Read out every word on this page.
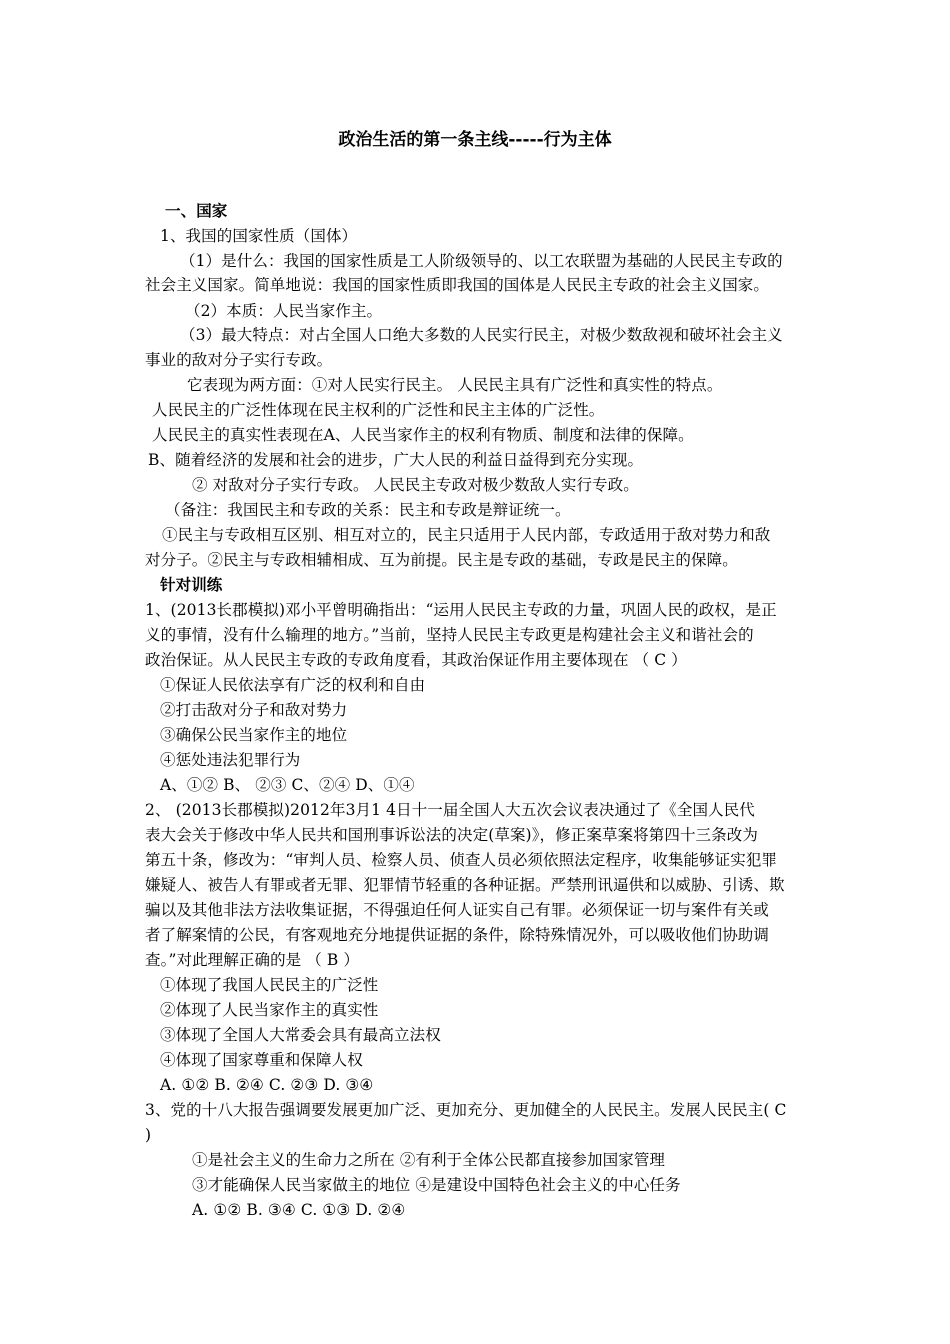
政治生活的第一条主线-----行为主体
一、国家
1、我国的国家性质（国体）
（1）是什么：我国的国家性质是工人阶级领导的、以工农联盟为基础的人民民主专政的
社会主义国家。简单地说：我国的国家性质即我国的国体是人民民主专政的社会主义国家。
（2）本质：人民当家作主。
（3）最大特点：对占全国人口绝大多数的人民实行民主，对极少数敌视和破坏社会主义
事业的敌对分子实行专政。
它表现为两方面：①对人民实行民主。 人民民主具有广泛性和真实性的特点。
人民民主的广泛性体现在民主权利的广泛性和民主主体的广泛性。
人民民主的真实性表现在A、人民当家作主的权利有物质、制度和法律的保障。
B、随着经济的发展和社会的进步，广大人民的利益日益得到充分实现。
② 对敌对分子实行专政。 人民民主专政对极少数敌人实行专政。
（备注：我国民主和专政的关系：民主和专政是辩证统一。
①民主与专政相互区别、相互对立的，民主只适用于人民内部，专政适用于敌对势力和敌
对分子。②民主与专政相辅相成、互为前提。民主是专政的基础，专政是民主的保障。
针对训练
1、(2013长郡模拟)邓小平曾明确指出：“运用人民民主专政的力量，巩固人民的政权，是正
义的事情，没有什么输理的地方。”当前，坚持人民民主专政更是构建社会主义和谐社会的
政治保证。从人民民主专政的专政角度看，其政治保证作用主要体现在 （ C ）
①保证人民依法享有广泛的权利和自由
②打击敌对分子和敌对势力
③确保公民当家作主的地位
④惩处违法犯罪行为
A、①② B、 ②③ C、②④ D、①④
2、 (2013长郡模拟)2012年3月1 4日十一届全国人大五次会议表决通过了《全国人民代
表大会关于修改中华人民共和国刑事诉讼法的决定(草案)》，修正案草案将第四十三条改为
第五十条，修改为：“审判人员、检察人员、侦查人员必须依照法定程序，收集能够证实犯罪
嫌疑人、被告人有罪或者无罪、犯罪情节轻重的各种证据。严禁刑讯逼供和以威胁、引诱、欺
骗以及其他非法方法收集证据，不得强迫任何人证实自己有罪。必须保证一切与案件有关或
者了解案情的公民，有客观地充分地提供证据的条件，除特殊情况外，可以吸收他们协助调
查。”对此理解正确的是 （ B ）
①体现了我国人民民主的广泛性
②体现了人民当家作主的真实性
③体现了全国人大常委会具有最高立法权
④体现了国家尊重和保障人权
A. ①② B. ②④ C. ②③ D. ③④
3、党的十八大报告强调要发展更加广泛、更加充分、更加健全的人民民主。发展人民民主( C
)
①是社会主义的生命力之所在 ②有利于全体公民都直接参加国家管理
③才能确保人民当家做主的地位 ④是建设中国特色社会主义的中心任务
A. ①② B. ③④ C. ①③ D. ②④
